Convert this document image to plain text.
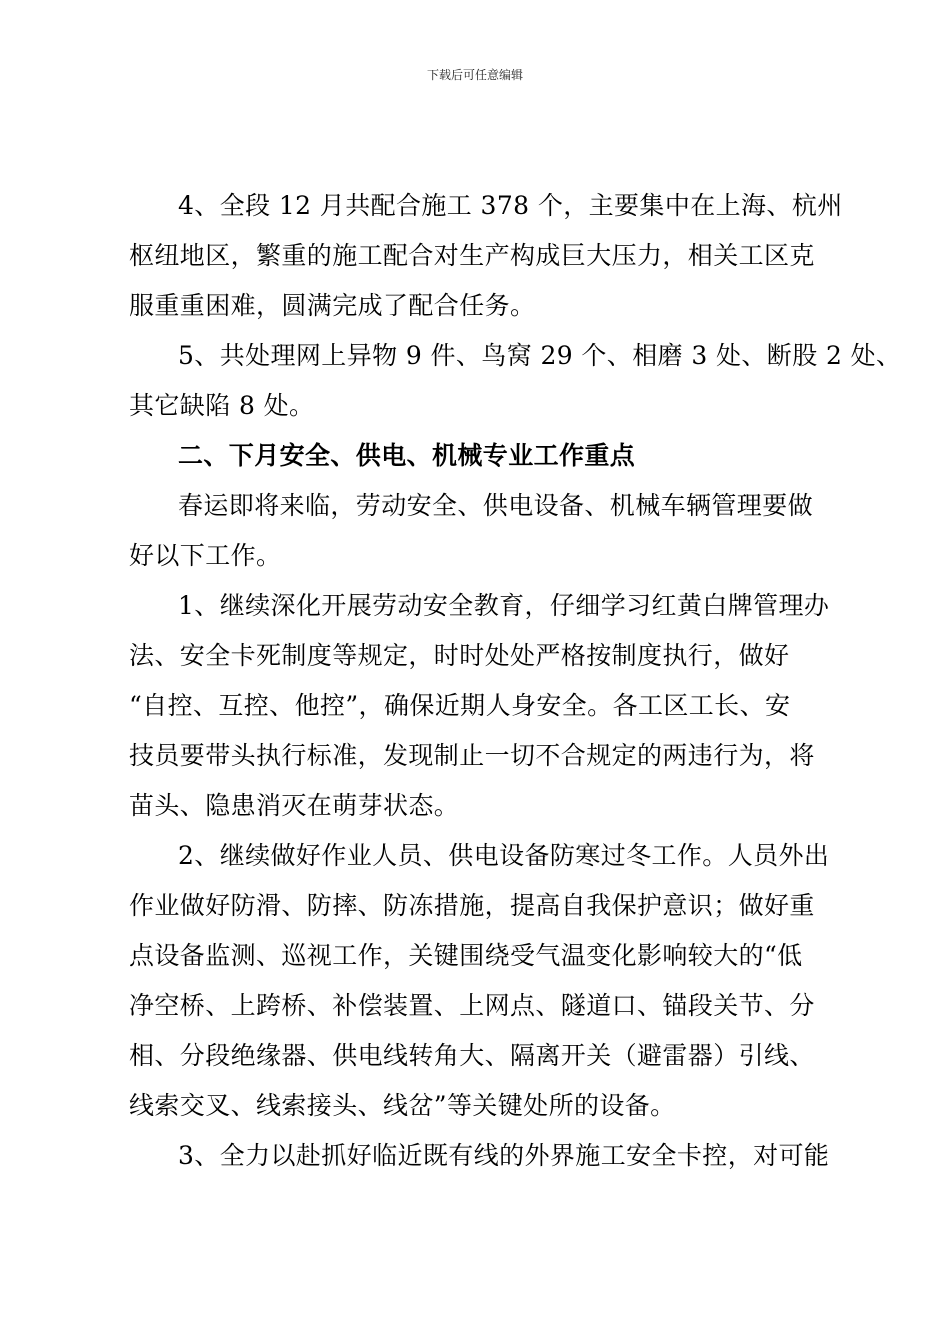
下载后可任意编辑
4、全段 12 月共配合施工 378 个，主要集中在上海、杭州
枢纽地区，繁重的施工配合对生产构成巨大压力，相关工区克
服重重困难，圆满完成了配合任务。
5、共处理网上异物 9 件、鸟窝 29 个、相磨 3 处、断股 2 处、
其它缺陷 8 处。
二、下月安全、供电、机械专业工作重点
春运即将来临，劳动安全、供电设备、机械车辆管理要做
好以下工作。
1、继续深化开展劳动安全教育，仔细学习红黄白牌管理办
法、安全卡死制度等规定，时时处处严格按制度执行，做好
“自控、互控、他控”，确保近期人身安全。各工区工长、安
技员要带头执行标准，发现制止一切不合规定的两违行为，将
苗头、隐患消灭在萌芽状态。
2、继续做好作业人员、供电设备防寒过冬工作。人员外出
作业做好防滑、防摔、防冻措施，提高自我保护意识；做好重
点设备监测、巡视工作，关键围绕受气温变化影响较大的“低
净空桥、上跨桥、补偿装置、上网点、隧道口、锚段关节、分
相、分段绝缘器、供电线转角大、隔离开关（避雷器）引线、
线索交叉、线索接头、线岔”等关键处所的设备。
3、全力以赴抓好临近既有线的外界施工安全卡控，对可能
